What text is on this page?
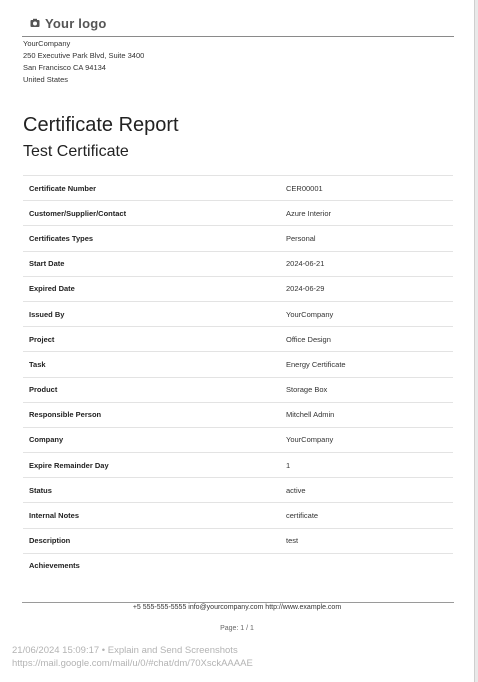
Your logo
YourCompany
250 Executive Park Blvd, Suite 3400
San Francisco CA 94134
United States
Certificate Report
Test Certificate
Certificate Number	CER00001
Customer/Supplier/Contact	Azure Interior
Certificates Types	Personal
Start Date	2024-06-21
Expired Date	2024-06-29
Issued By	YourCompany
Project	Office Design
Task	Energy Certificate
Product	Storage Box
Responsible Person	Mitchell Admin
Company	YourCompany
Expire Remainder Day	1
Status	active
Internal Notes	certificate
Description	test
Achievements
+5 555-555-5555 info@yourcompany.com http://www.example.com
Page: 1 / 1
21/06/2024 15:09:17 • Explain and Send Screenshots
https://mail.google.com/mail/u/0/#chat/dm/70XsckAAAAE
